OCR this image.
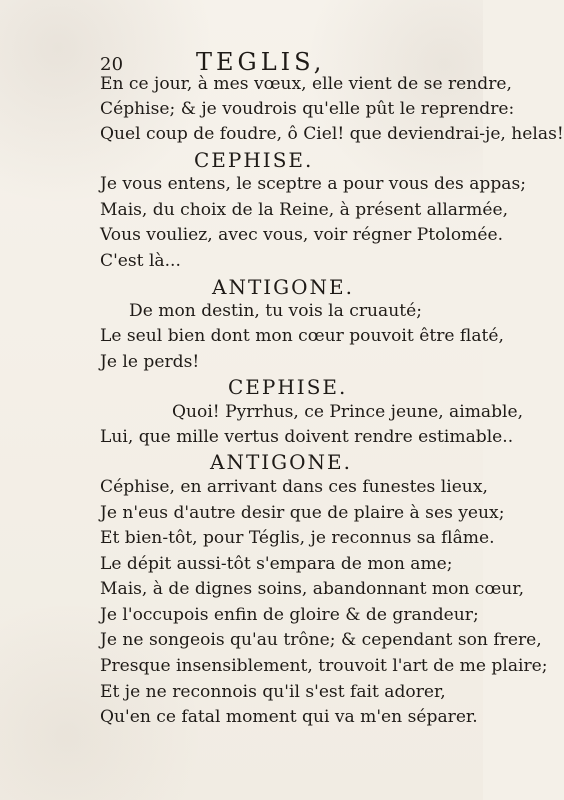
20	TEGLIS,
En ce jour, à mes vœux, elle vient de se rendre,
Céphise; & je voudrois qu'elle pût le reprendre:
Quel coup de foudre, ô Ciel! que deviendrai-je, helas!
CEPHISE.
Je vous entens, le sceptre a pour vous des appas;
Mais, du choix de la Reine, à présent allarmée,
Vous vouliez, avec vous, voir régner Ptolomée.
C'est là...
ANTIGONE.
De mon destin, tu vois la cruauté;
Le seul bien dont mon cœur pouvoit être flaté,
Je le perds!
CEPHISE.
Quoi! Pyrrhus, ce Prince jeune, aimable,
Lui, que mille vertus doivent rendre estimable..
ANTIGONE.
Céphise, en arrivant dans ces funestes lieux,
Je n'eus d'autre desir que de plaire à ses yeux;
Et bien-tôt, pour Téglis, je reconnus sa flâme.
Le dépit aussi-tôt s'empara de mon ame;
Mais, à de dignes soins, abandonnant mon cœur,
Je l'occupois enfin de gloire & de grandeur;
Je ne songeois qu'au trône; & cependant son frere,
Presque insensiblement, trouvoit l'art de me plaire;
Et je ne reconnois qu'il s'est fait adorer,
Qu'en ce fatal moment qui va m'en séparer.
